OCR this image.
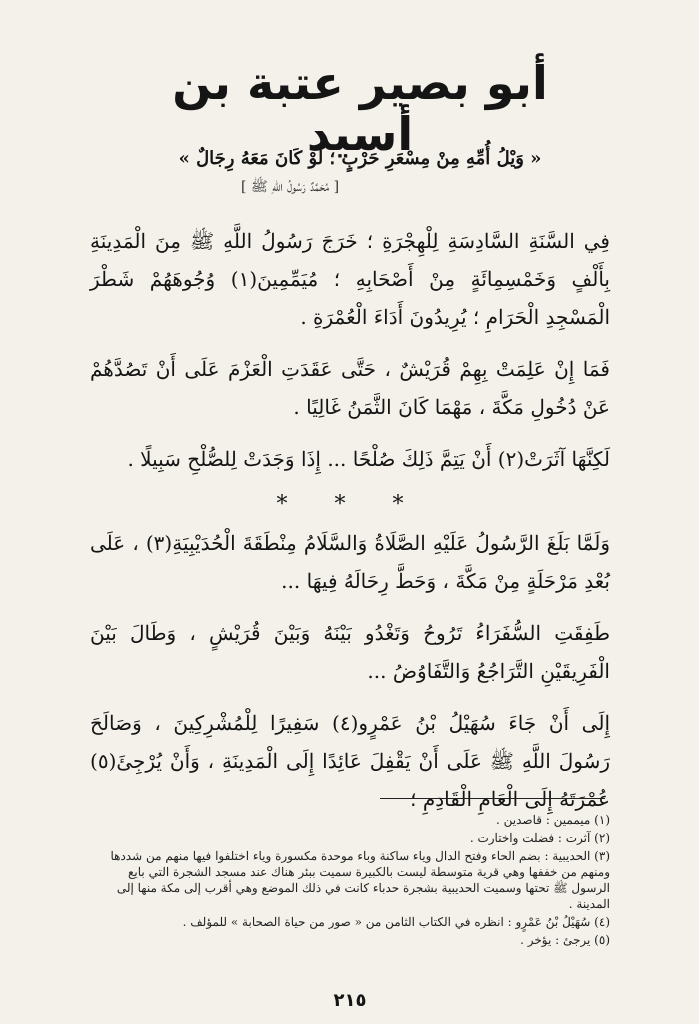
أبو بصير عتبة بن أسيد
« وَيْلُ أُمِّهِ مِنْ مِسْعَرِ حَرْبٍ ؛ لَوْ كَانَ مَعَهُ رِجَالٌ »
[ مُحَمَّدٌ رَسُولُ اللهِ ﷺ ]

فِي السَّنَةِ السَّادِسَةِ لِلْهِجْرَةِ ؛ خَرَجَ رَسُولُ اللَّهِ ﷺ مِنَ الْمَدِينَةِ بِأَلْفٍ وَخَمْسِمِائَةٍ مِنْ أَصْحَابِهِ ؛ مُيَمِّمِينَ(١) وُجُوهَهُمْ شَطْرَ الْمَسْجِدِ الْحَرَامِ ؛ يُرِيدُونَ أَدَاءَ الْعُمْرَةِ .

فَمَا إِنْ عَلِمَتْ بِهِمْ قُرَيْشٌ ، حَتَّى عَقَدَتِ الْعَزْمَ عَلَى أَنْ تَصُدَّهُمْ عَنْ دُخُولِ مَكَّةَ ، مَهْمَا كَانَ الثَّمَنُ غَالِيًا .

لَكِنَّهَا آثَرَتْ(٢) أَنْ يَتِمَّ ذَلِكَ صُلْحًا ... إِذَا وَجَدَتْ لِلصُّلْحِ سَبِيلًا .

* * *

وَلَمَّا بَلَغَ الرَّسُولُ عَلَيْهِ الصَّلَاةُ وَالسَّلَامُ مِنْطَقَةَ الْحُدَيْبِيَةِ(٣) ، عَلَى بُعْدِ مَرْحَلَةٍ مِنْ مَكَّةَ ، وَحَطَّ رِحَالَهُ فِيهَا ...

طَفِقَتِ السُّفَرَاءُ تَرُوحُ وَتَغْدُو بَيْنَهُ وَبَيْنَ قُرَيْشٍ ، وَطَالَ بَيْنَ الْفَرِيقَيْنِ التَّرَاجُعُ وَالتَّفَاوُضُ ...

إِلَى أَنْ جَاءَ سُهَيْلُ بْنُ عَمْرٍو(٤) سَفِيرًا لِلْمُشْرِكِينَ ، وَصَالَحَ رَسُولَ اللَّهِ ﷺ عَلَى أَنْ يَقْفِلَ عَائِدًا إِلَى الْمَدِينَةِ ، وَأَنْ يُرْجِئَ(٥) عُمْرَتَهُ إِلَى الْعَامِ الْقَادِمِ ؛

(١) ميممين : قاصدين .
(٢) آثرت : فضلت واختارت .
(٣) الحديبية : بضم الحاء وفتح الدال وياء ساكنة وباء موحدة مكسورة وياء اختلفوا فيها منهم من شددها ومنهم من خففها وهي قرية متوسطة ليست بالكبيرة سميت ببئر هناك عند مسجد الشجرة التي بايع الرسول ﷺ تحتها وسميت الحديبية بشجرة حدباء كانت في ذلك الموضع وهي أقرب إلى مكة منها إلى المدينة .
(٤) سُهَيْلُ بْنُ عَمْرٍو : انظره في الكتاب الثامن من « صور من حياة الصحابة » للمؤلف .
(٥) يرجئ : يؤخر .
٢١٥
